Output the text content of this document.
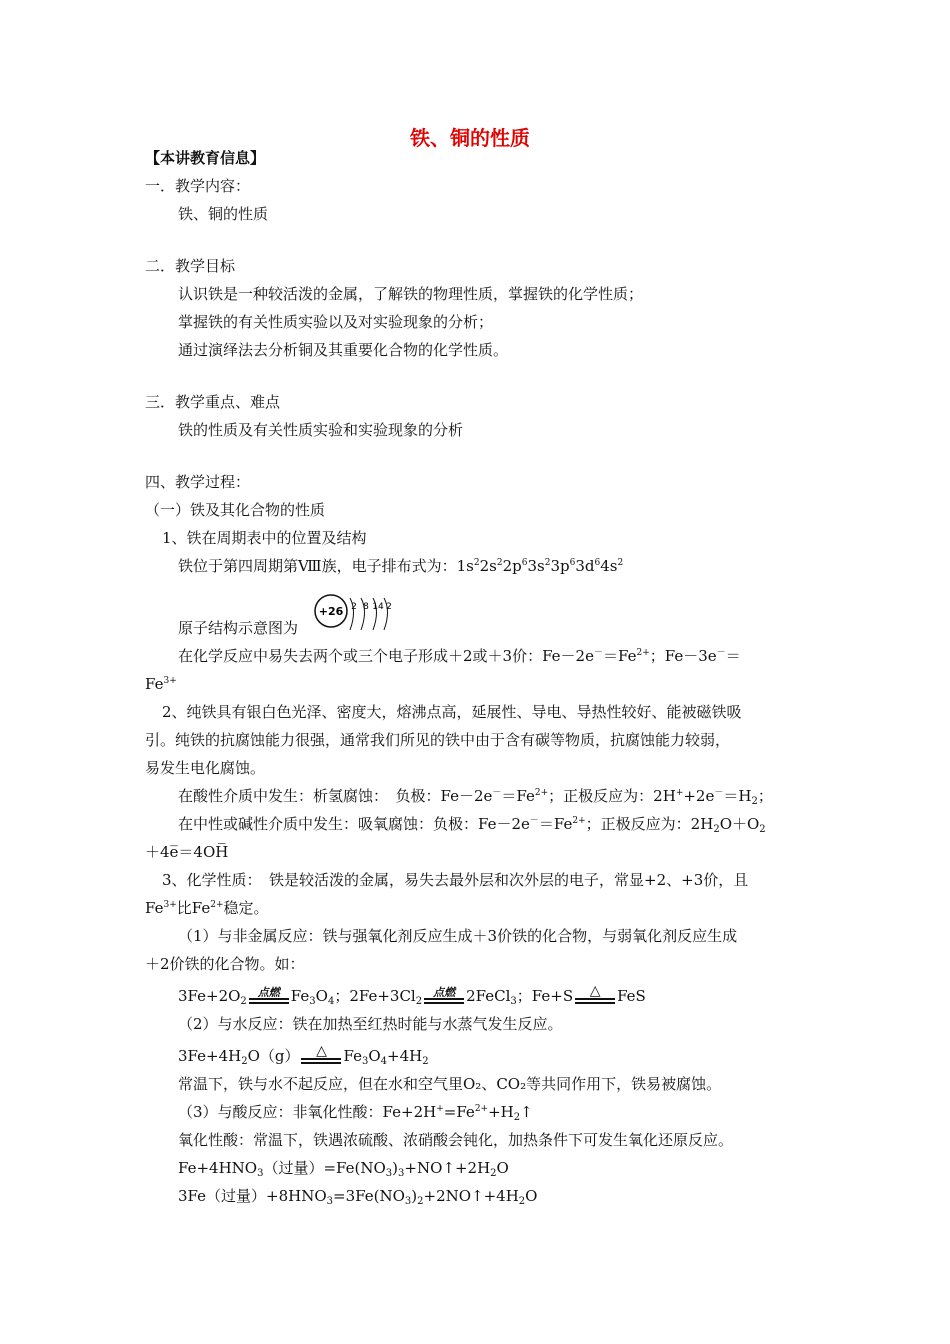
铁、铜的性质
【本讲教育信息】
一．教学内容：
铁、铜的性质
二．教学目标
认识铁是一种较活泼的金属，了解铁的物理性质，掌握铁的化学性质；
掌握铁的有关性质实验以及对实验现象的分析；
通过演绎法去分析铜及其重要化合物的化学性质。
三．教学重点、难点
铁的性质及有关性质实验和实验现象的分析
四、教学过程：
（一）铁及其化合物的性质
1、铁在周期表中的位置及结构
铁位于第四周期第Ⅷ族，电子排布式为：$1s^22s^22p^63s^23p^63d^64s^2$
+26 2 8 14 2
原子结构示意图为
在化学反应中易失去两个或三个电子形成＋2或＋3价：$Fe-2e^-=Fe^{2+}$；Fe－3e－＝
$Fe^{3+}$
2、纯铁具有银白色光泽、密度大，熔沸点高，延展性、导电、导热性较好、能被磁铁吸
引。纯铁的抗腐蚀能力很强，通常我们所见的铁中由于含有碳等物质，抗腐蚀能力较弱，
易发生电化腐蚀。
在酸性介质中发生：析氢腐蚀：　负极：$Fe-2e^-=Fe^{2+}$；正极反应为：$2H^++2e^-=H_2$；
在中性或碱性介质中发生：吸氧腐蚀：负极：$Fe-2e^-=Fe^{2+}$；正极反应为：$2H_2O+O_2$
＋4e̅＝4OH̅
3、化学性质：　铁是较活泼的金属，易失去最外层和次外层的电子，常显+2、+3价，且
$Fe^{3+}$比$Fe^{2+}$稳定。
（1）与非金属反应：铁与强氧化剂反应生成＋3价铁的化合物，与弱氧化剂反应生成
＋2价铁的化合物。如：
$3Fe+2O_2$
点燃 $Fe_3O_4$；$2Fe+3Cl_2$
点燃 2FeCl$_3$；Fe+S	△	FeS
（2）与水反应：铁在加热至红热时能与水蒸气发生反应。
$3Fe+4H_2O(g)$	△	$Fe_3O_4+4H_2$
常温下，铁与水不起反应，但在水和空气里O₂、CO₂等共同作用下，铁易被腐蚀。
（3）与酸反应：非氧化性酸：$Fe+2H^+=Fe^{2+}+H_2↑$
氧化性酸：常温下，铁遇浓硫酸、浓硝酸会钝化，加热条件下可发生氧化还原反应。
$Fe+4HNO_3$（过量）$=Fe(NO_3)_3+NO↑+2H_2O$
3Fe（过量）$+8HNO_3=3Fe(NO_3)_2+2NO↑+4H_2O$
